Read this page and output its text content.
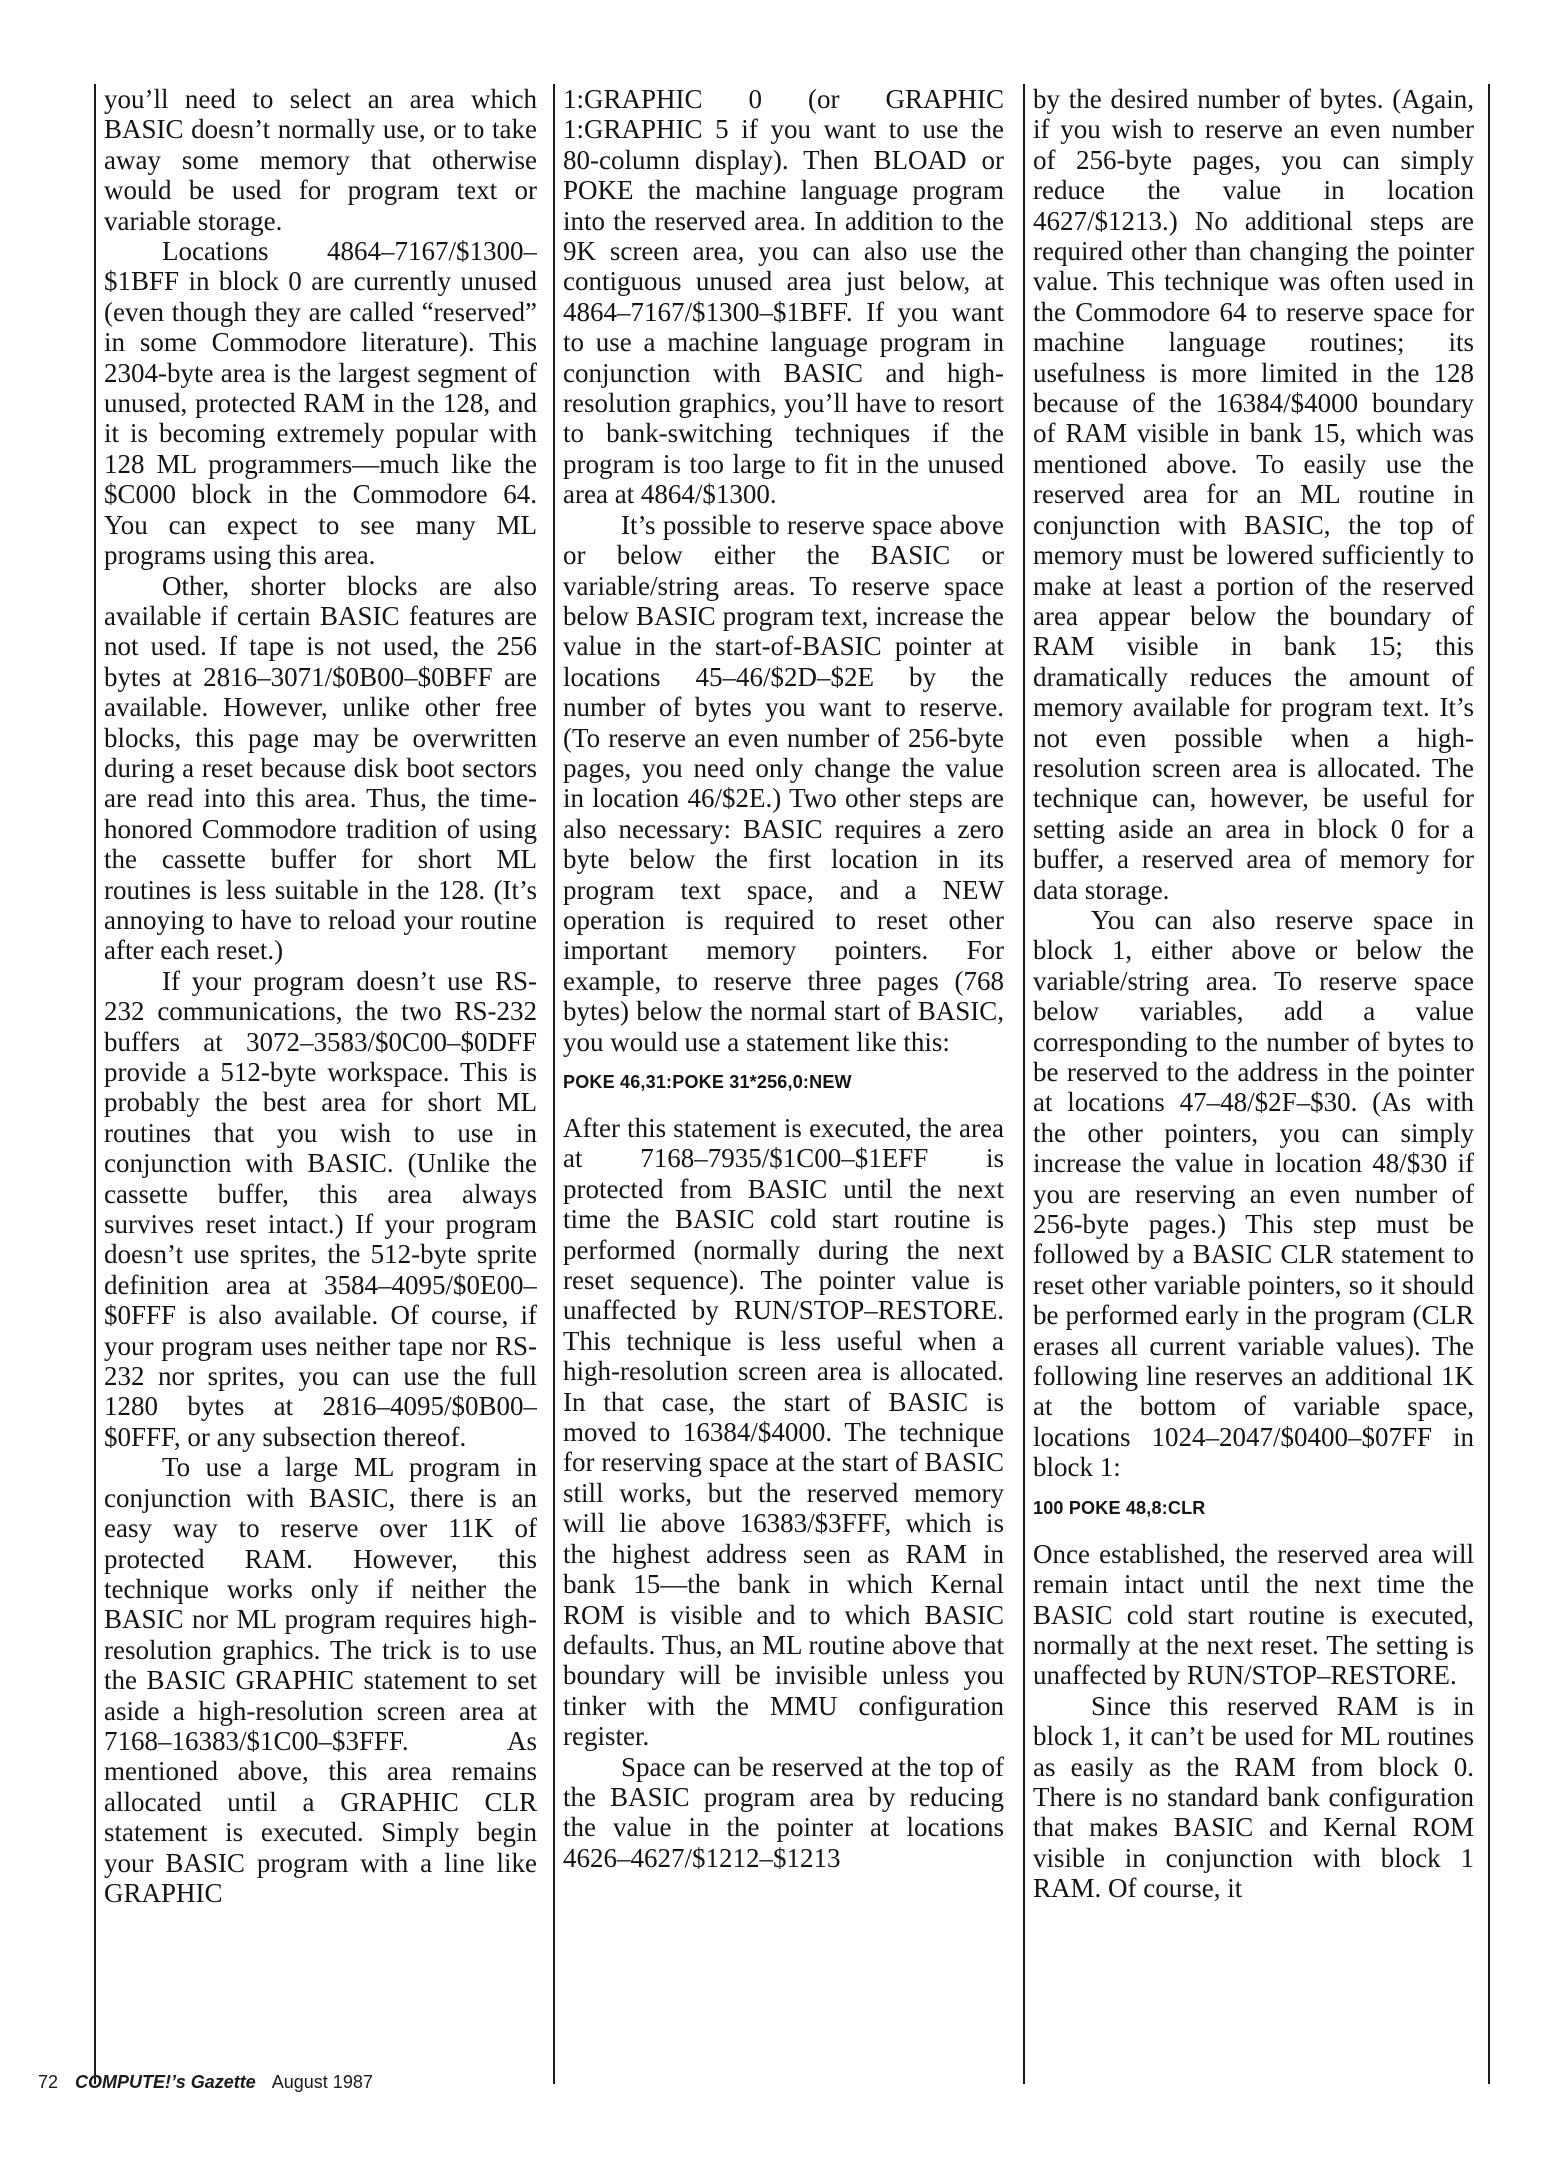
you’ll need to select an area which BASIC doesn’t normally use, or to take away some memory that otherwise would be used for program text or variable storage.

Locations 4864–7167/$1300–$1BFF in block 0 are currently unused (even though they are called “reserved” in some Commodore literature). This 2304-byte area is the largest segment of unused, protected RAM in the 128, and it is becoming extremely popular with 128 ML programmers—much like the $C000 block in the Commodore 64. You can expect to see many ML programs using this area.

Other, shorter blocks are also available if certain BASIC features are not used. If tape is not used, the 256 bytes at 2816–3071/$0B00–$0BFF are available. However, unlike other free blocks, this page may be overwritten during a reset because disk boot sectors are read into this area. Thus, the time-honored Commodore tradition of using the cassette buffer for short ML routines is less suitable in the 128. (It’s annoying to have to reload your routine after each reset.)

If your program doesn’t use RS-232 communications, the two RS-232 buffers at 3072–3583/$0C00–$0DFF provide a 512-byte workspace. This is probably the best area for short ML routines that you wish to use in conjunction with BASIC. (Unlike the cassette buffer, this area always survives reset intact.) If your program doesn’t use sprites, the 512-byte sprite definition area at 3584–4095/$0E00–$0FFF is also available. Of course, if your program uses neither tape nor RS-232 nor sprites, you can use the full 1280 bytes at 2816–4095/$0B00–$0FFF, or any subsection thereof.

To use a large ML program in conjunction with BASIC, there is an easy way to reserve over 11K of protected RAM. However, this technique works only if neither the BASIC nor ML program requires high-resolution graphics. The trick is to use the BASIC GRAPHIC statement to set aside a high-resolution screen area at 7168–16383/$1C00–$3FFF. As mentioned above, this area remains allocated until a GRAPHIC CLR statement is executed. Simply begin your BASIC program with a line like GRAPHIC

1:GRAPHIC 0 (or GRAPHIC 1:GRAPHIC 5 if you want to use the 80-column display). Then BLOAD or POKE the machine language program into the reserved area. In addition to the 9K screen area, you can also use the contiguous unused area just below, at 4864–7167/$1300–$1BFF. If you want to use a machine language program in conjunction with BASIC and high-resolution graphics, you’ll have to resort to bank-switching techniques if the program is too large to fit in the unused area at 4864/$1300.

It’s possible to reserve space above or below either the BASIC or variable/string areas. To reserve space below BASIC program text, increase the value in the start-of-BASIC pointer at locations 45–46/$2D–$2E by the number of bytes you want to reserve. (To reserve an even number of 256-byte pages, you need only change the value in location 46/$2E.) Two other steps are also necessary: BASIC requires a zero byte below the first location in its program text space, and a NEW operation is required to reset other important memory pointers. For example, to reserve three pages (768 bytes) below the normal start of BASIC, you would use a statement like this:

POKE 46,31:POKE 31*256,0:NEW

After this statement is executed, the area at 7168–7935/$1C00–$1EFF is protected from BASIC until the next time the BASIC cold start routine is performed (normally during the next reset sequence). The pointer value is unaffected by RUN/STOP–RESTORE. This technique is less useful when a high-resolution screen area is allocated. In that case, the start of BASIC is moved to 16384/$4000. The technique for reserving space at the start of BASIC still works, but the reserved memory will lie above 16383/$3FFF, which is the highest address seen as RAM in bank 15—the bank in which Kernal ROM is visible and to which BASIC defaults. Thus, an ML routine above that boundary will be invisible unless you tinker with the MMU configuration register.

Space can be reserved at the top of the BASIC program area by reducing the value in the pointer at locations 4626–4627/$1212–$1213

by the desired number of bytes. (Again, if you wish to reserve an even number of 256-byte pages, you can simply reduce the value in location 4627/$1213.) No additional steps are required other than changing the pointer value. This technique was often used in the Commodore 64 to reserve space for machine language routines; its usefulness is more limited in the 128 because of the 16384/$4000 boundary of RAM visible in bank 15, which was mentioned above. To easily use the reserved area for an ML routine in conjunction with BASIC, the top of memory must be lowered sufficiently to make at least a portion of the reserved area appear below the boundary of RAM visible in bank 15; this dramatically reduces the amount of memory available for program text. It’s not even possible when a high-resolution screen area is allocated. The technique can, however, be useful for setting aside an area in block 0 for a buffer, a reserved area of memory for data storage.

You can also reserve space in block 1, either above or below the variable/string area. To reserve space below variables, add a value corresponding to the number of bytes to be reserved to the address in the pointer at locations 47–48/$2F–$30. (As with the other pointers, you can simply increase the value in location 48/$30 if you are reserving an even number of 256-byte pages.) This step must be followed by a BASIC CLR statement to reset other variable pointers, so it should be performed early in the program (CLR erases all current variable values). The following line reserves an additional 1K at the bottom of variable space, locations 1024–2047/$0400–$07FF in block 1:

100 POKE 48,8:CLR

Once established, the reserved area will remain intact until the next time the BASIC cold start routine is executed, normally at the next reset. The setting is unaffected by RUN/STOP–RESTORE.

Since this reserved RAM is in block 1, it can’t be used for ML routines as easily as the RAM from block 0. There is no standard bank configuration that makes BASIC and Kernal ROM visible in conjunction with block 1 RAM. Of course, it

72 COMPUTE!’s Gazette August 1987
